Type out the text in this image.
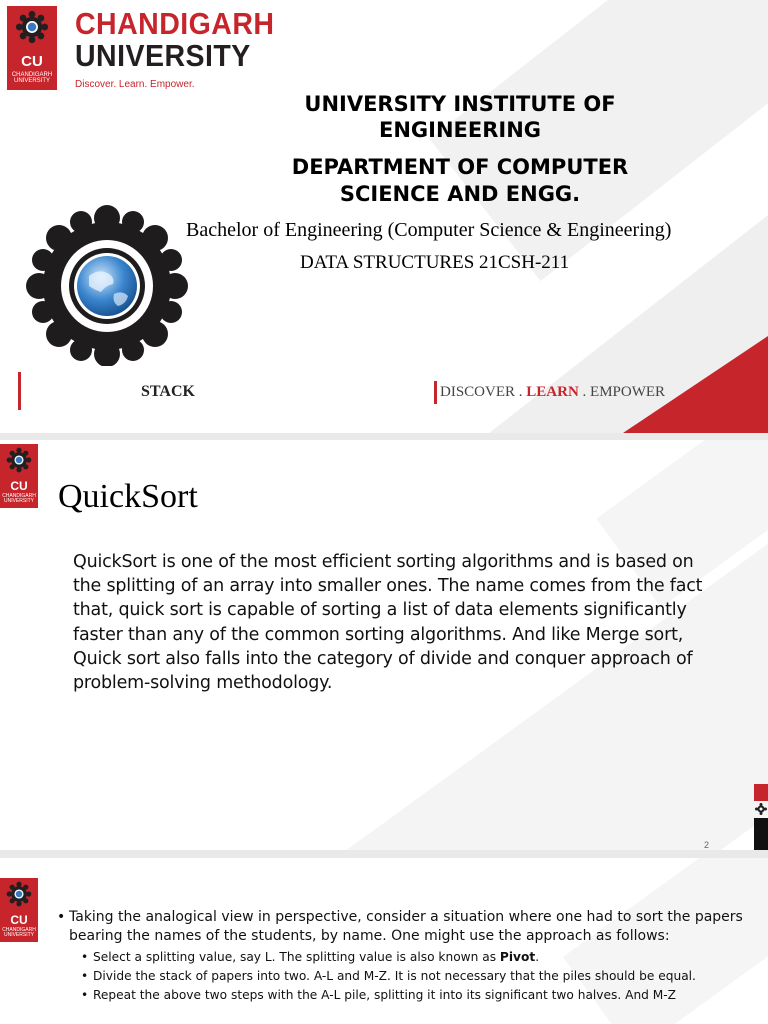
CU
CHANDIGARH UNIVERSITY
CHANDIGARH
UNIVERSITY
Discover. Learn. Empower.
UNIVERSITY INSTITUTE OF ENGINEERING
DEPARTMENT OF COMPUTER SCIENCE AND ENGG.
Bachelor of Engineering (Computer Science & Engineering)
DATA STRUCTURES 21CSH-211
STACK	DISCOVER . LEARN . EMPOWER
CU
CHANDIGARH UNIVERSITY QuickSort
QuickSort is one of the most efficient sorting algorithms and is based on the splitting of an array into smaller ones. The name comes from the fact that, quick sort is capable of sorting a list of data elements significantly faster than any of the common sorting algorithms. And like Merge sort, Quick sort also falls into the category of divide and conquer approach of problem-solving methodology.
2
CU
CHANDIGARH UNIVERSITY
• Taking the analogical view in perspective, consider a situation where one had to sort the papers bearing the names of the students, by name. One might use the approach as follows:
• Select a splitting value, say L. The splitting value is also known as Pivot.
• Divide the stack of papers into two. A-L and M-Z. It is not necessary that the piles should be equal.
• Repeat the above two steps with the A-L pile, splitting it into its significant two halves. And M-Z
